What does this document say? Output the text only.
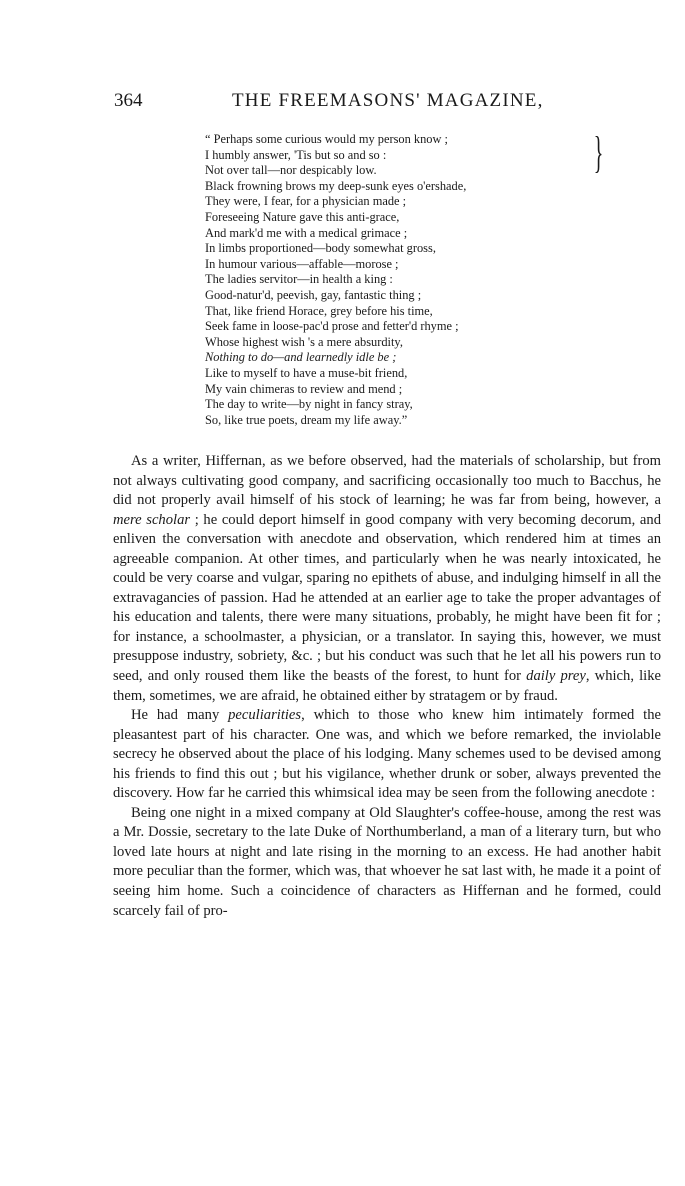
364	THE FREEMASONS' MAGAZINE,
“ Perhaps some curious would my person know ;
I humbly answer, 'Tis but so and so :
Not over tall—nor despicably low.
Black frowning brows my deep-sunk eyes o'ershade,
They were, I fear, for a physician made ;
Foreseeing Nature gave this anti-grace,
And mark'd me with a medical grimace ;
In limbs proportioned—body somewhat gross,
In humour various—affable—morose ;
The ladies servitor—in health a king :
Good-natur'd, peevish, gay, fantastic thing ;
That, like friend Horace, grey before his time,
Seek fame in loose-pac'd prose and fetter'd rhyme ;
Whose highest wish 's a mere absurdity,
Nothing to do—and learnedly idle be ;
Like to myself to have a muse-bit friend,
My vain chimeras to review and mend ;
The day to write—by night in fancy stray,
So, like true poets, dream my life away.”
}

As a writer, Hiffernan, as we before observed, had the materials of scholarship, but from not always cultivating good company, and sacrificing occasionally too much to Bacchus, he did not properly avail himself of his stock of learning; he was far from being, however, a mere scholar ; he could deport himself in good company with very becoming decorum, and enliven the conversation with anecdote and observation, which rendered him at times an agreeable companion. At other times, and particularly when he was nearly intoxicated, he could be very coarse and vulgar, sparing no epithets of abuse, and indulging himself in all the extravagancies of passion. Had he attended at an earlier age to take the proper advantages of his education and talents, there were many situations, probably, he might have been fit for ; for instance, a schoolmaster, a physician, or a translator. In saying this, however, we must presuppose industry, sobriety, &c. ; but his conduct was such that he let all his powers run to seed, and only roused them like the beasts of the forest, to hunt for daily prey, which, like them, sometimes, we are afraid, he obtained either by stratagem or by fraud.

He had many peculiarities, which to those who knew him intimately formed the pleasantest part of his character. One was, and which we before remarked, the inviolable secrecy he observed about the place of his lodging. Many schemes used to be devised among his friends to find this out ; but his vigilance, whether drunk or sober, always prevented the discovery. How far he carried this whimsical idea may be seen from the following anecdote :

Being one night in a mixed company at Old Slaughter's coffee-house, among the rest was a Mr. Dossie, secretary to the late Duke of Northumberland, a man of a literary turn, but who loved late hours at night and late rising in the morning to an excess. He had another habit more peculiar than the former, which was, that whoever he sat last with, he made it a point of seeing him home. Such a coincidence of characters as Hiffernan and he formed, could scarcely fail of pro-
